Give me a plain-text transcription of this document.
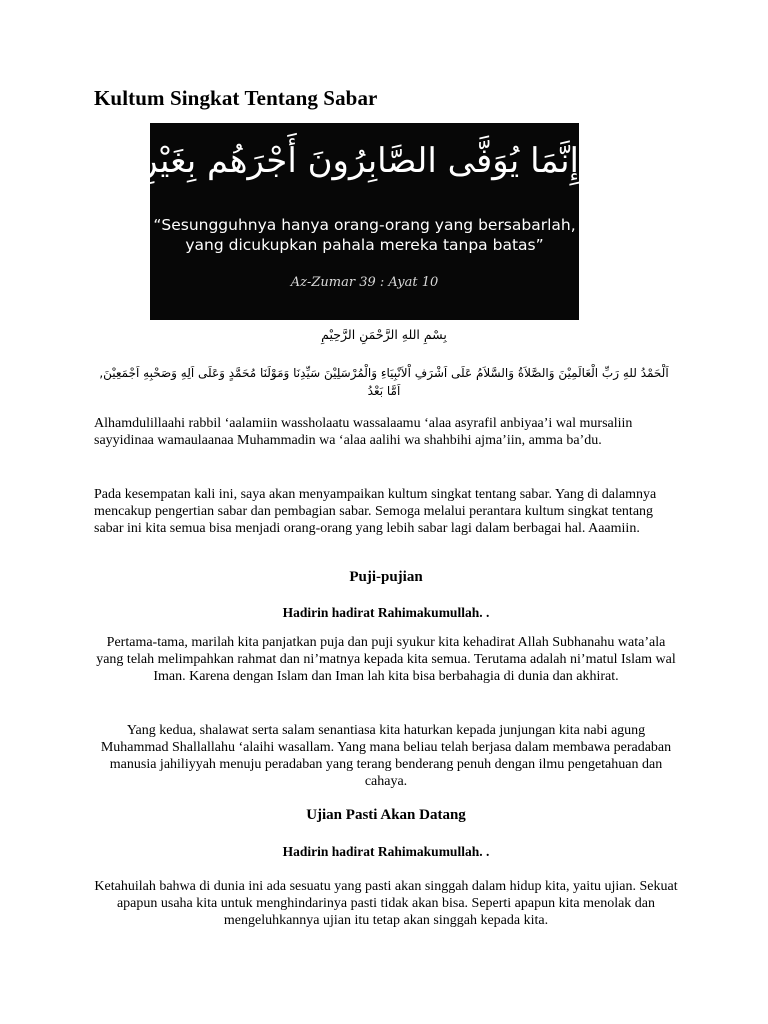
Kultum Singkat Tentang Sabar
إِنَّمَا يُوَفَّى الصَّابِرُونَ أَجْرَهُم بِغَيْرِ حِسَابٍ
“Sesungguhnya hanya orang-orang yang bersabarlah,
yang dicukupkan pahala mereka tanpa batas”
Az-Zumar 39 : Ayat 10
بِسْمِ اللهِ الرَّحْمَنِ الرَّحِيْمِ
اَلْحَمْدُ للهِ رَبِّ الْعَالَمِيْنَ وَالصَّلاَةُ وَالسَّلاَمُ عَلَى اَشْرَفِ اْلاَنْبِيَاءِ وَالْمُرْسَلِيْنَ سَيِّدِنَا وَمَوْلَنَا مُحَمَّدٍ وَعَلَى اَلِهِ وَصَحْبِهِ اَجْمَعِيْنَ, اَمَّا بَعْدُ

Alhamdulillaahi rabbil ‘aalamiin wassholaatu wassalaamu ‘alaa asyrafil anbiyaa’i wal mursaliin sayyidinaa wamaulaanaa Muhammadin wa ‘alaa aalihi wa shahbihi ajma’iin, amma ba’du.

Pada kesempatan kali ini, saya akan menyampaikan kultum singkat tentang sabar. Yang di dalamnya mencakup pengertian sabar dan pembagian sabar. Semoga melalui perantara kultum singkat tentang sabar ini kita semua bisa menjadi orang-orang yang lebih sabar lagi dalam berbagai hal. Aaamiin.

Puji-pujian
Hadirin hadirat Rahimakumullah. .

Pertama-tama, marilah kita panjatkan puja dan puji syukur kita kehadirat Allah Subhanahu wata’ala yang telah melimpahkan rahmat dan ni’matnya kepada kita semua. Terutama adalah ni’matul Islam wal Iman. Karena dengan Islam dan Iman lah kita bisa berbahagia di dunia dan akhirat.

Yang kedua, shalawat serta salam senantiasa kita haturkan kepada junjungan kita nabi agung Muhammad Shallallahu ‘alaihi wasallam. Yang mana beliau telah berjasa dalam membawa peradaban manusia jahiliyyah menuju peradaban yang terang benderang penuh dengan ilmu pengetahuan dan cahaya.

Ujian Pasti Akan Datang
Hadirin hadirat Rahimakumullah. .

Ketahuilah bahwa di dunia ini ada sesuatu yang pasti akan singgah dalam hidup kita, yaitu ujian. Sekuat apapun usaha kita untuk menghindarinya pasti tidak akan bisa. Seperti apapun kita menolak dan mengeluhkannya ujian itu tetap akan singgah kepada kita.
